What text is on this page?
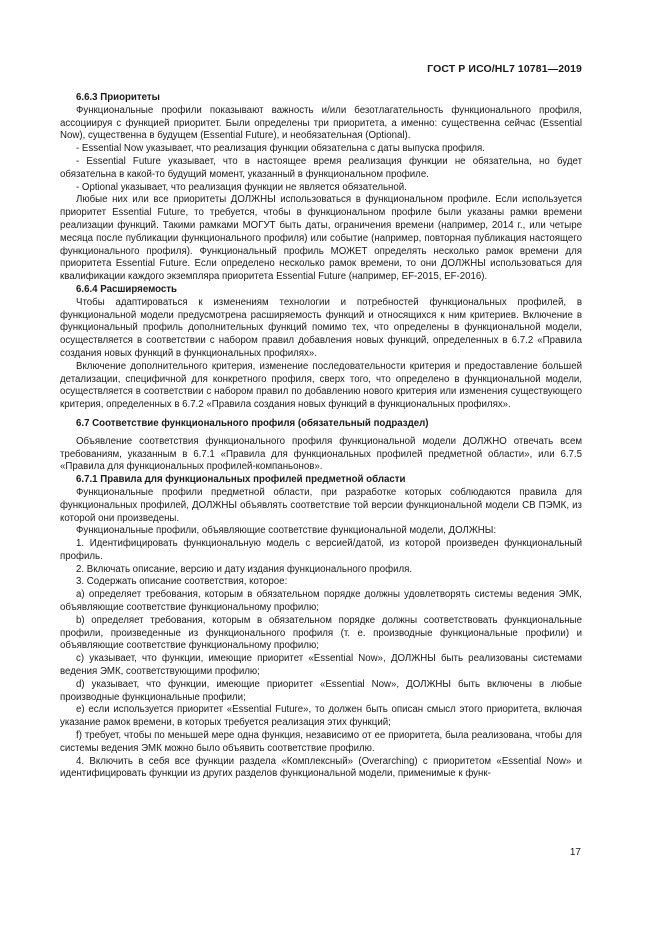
ГОСТ Р ИСО/HL7 10781—2019

6.6.3 Приоритеты

Функциональные профили показывают важность и/или безотлагательность функционального профиля, ассоциируя с функцией приоритет. Были определены три приоритета, а именно: существенна сейчас (Essential Now), существенна в будущем (Essential Future), и необязательная (Optional).

- Essential Now указывает, что реализация функции обязательна с даты выпуска профиля.

- Essential Future указывает, что в настоящее время реализация функции не обязательна, но будет обязательна в какой-то будущий момент, указанный в функциональном профиле.

- Optional указывает, что реализация функции не является обязательной.

Любые них или все приоритеты ДОЛЖНЫ использоваться в функциональном профиле. Если используется приоритет Essential Future, то требуется, чтобы в функциональном профиле были указаны рамки времени реализации функций. Такими рамками МОГУТ быть даты, ограничения времени (например, 2014 г., или четыре месяца после публикации функционального профиля) или событие (например, повторная публикация настоящего функционального профиля). Функциональный профиль МОЖЕТ определять несколько рамок времени для приоритета Essential Future. Если определено несколько рамок времени, то они ДОЛЖНЫ использоваться для квалификации каждого экземпляра приоритета Essential Future (например, EF-2015, EF-2016).

6.6.4 Расширяемость

Чтобы адаптироваться к изменениям технологии и потребностей функциональных профилей, в функциональной модели предусмотрена расширяемость функций и относящихся к ним критериев. Включение в функциональный профиль дополнительных функций помимо тех, что определены в функциональной модели, осуществляется в соответствии с набором правил добавления новых функций, определенных в 6.7.2 «Правила создания новых функций в функциональных профилях».

Включение дополнительного критерия, изменение последовательности критерия и предоставление большей детализации, специфичной для конкретного профиля, сверх того, что определено в функциональной модели, осуществляется в соответствии с набором правил по добавлению нового критерия или изменения существующего критерия, определенных в 6.7.2 «Правила создания новых функций в функциональных профилях».

6.7 Соответствие функционального профиля (обязательный подраздел)

Объявление соответствия функционального профиля функциональной модели ДОЛЖНО отвечать всем требованиям, указанным в 6.7.1 «Правила для функциональных профилей предметной области», или 6.7.5 «Правила для функциональных профилей-компаньонов».

6.7.1 Правила для функциональных профилей предметной области

Функциональные профили предметной области, при разработке которых соблюдаются правила для функциональных профилей, ДОЛЖНЫ объявлять соответствие той версии функциональной модели СВ ПЭМК, из которой они произведены.

Функциональные профили, объявляющие соответствие функциональной модели, ДОЛЖНЫ:

1. Идентифицировать функциональную модель с версией/датой, из которой произведен функциональный профиль.

2. Включать описание, версию и дату издания функционального профиля.

3. Содержать описание соответствия, которое:

а) определяет требования, которым в обязательном порядке должны удовлетворять системы ведения ЭМК, объявляющие соответствие функциональному профилю;

b) определяет требования, которым в обязательном порядке должны соответствовать функциональные профили, произведенные из функционального профиля (т. е. производные функциональные профили) и объявляющие соответствие функциональному профилю;

с) указывает, что функции, имеющие приоритет «Essential Now», ДОЛЖНЫ быть реализованы системами ведения ЭМК, соответствующими профилю;

d) указывает, что функции, имеющие приоритет «Essential Now», ДОЛЖНЫ быть включены в любые производные функциональные профили;

е) если используется приоритет «Essential Future», то должен быть описан смысл этого приоритета, включая указание рамок времени, в которых требуется реализация этих функций;

f) требует, чтобы по меньшей мере одна функция, независимо от ее приоритета, была реализована, чтобы для системы ведения ЭМК можно было объявить соответствие профилю.

4. Включить в себя все функции раздела «Комплексный» (Overarching) с приоритетом «Essential Now» и идентифицировать функции из других разделов функциональной модели, применимые к функ-

17
